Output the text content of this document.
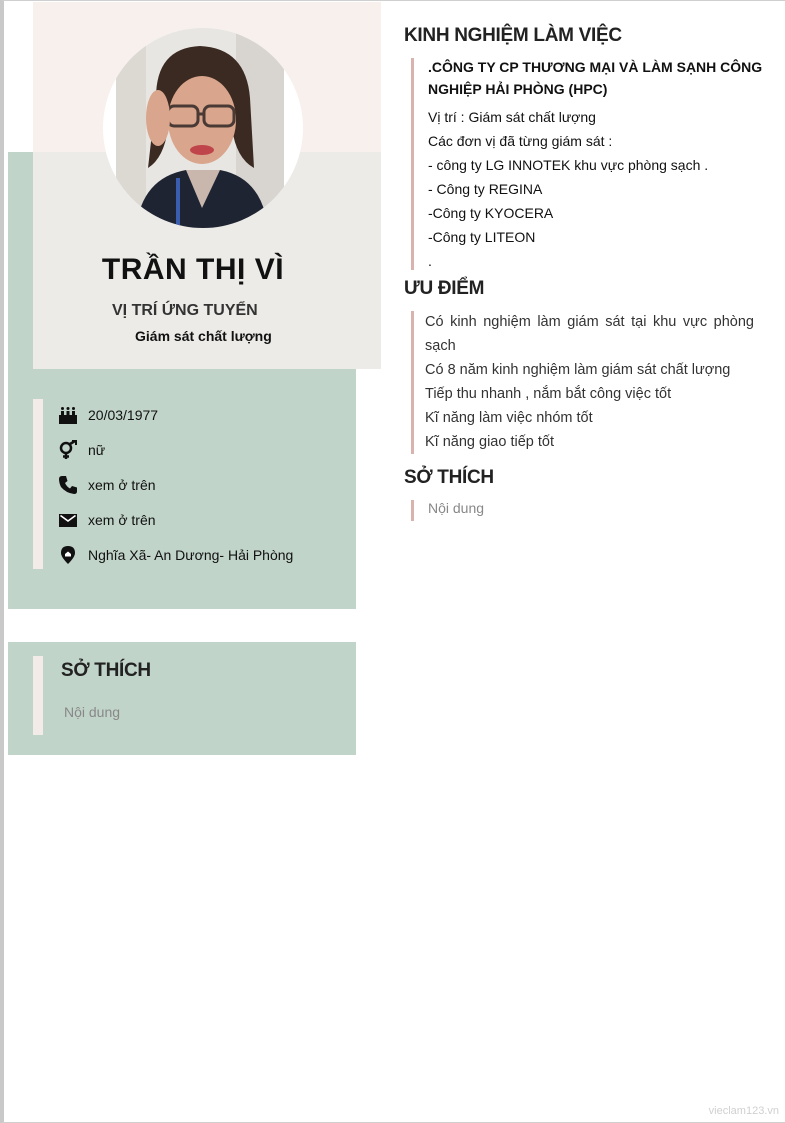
TRẦN THỊ VÌ
VỊ TRÍ ỨNG TUYỂN
Giám sát chất lượng
20/03/1977
nữ
xem ở trên
xem ở trên
Nghĩa Xã- An Dương- Hải Phòng
SỞ THÍCH
Nội dung
KINH NGHIỆM LÀM VIỆC
.CÔNG TY CP THƯƠNG MẠI VÀ LÀM SẠNH CÔNG NGHIỆP HẢI PHÒNG (HPC)
Vị trí : Giám sát chất lượng
Các đơn vị đã từng giám sát :
- công ty LG INNOTEK khu vực phòng sạch .
- Công ty REGINA
-Công ty KYOCERA
-Công ty LITEON
.
ƯU ĐIỂM
Có kinh nghiệm làm giám sát tại khu vực phòng sạch
Có 8 năm kinh nghiệm làm giám sát chất lượng
Tiếp thu nhanh , nắm bắt công việc tốt
Kĩ năng làm việc nhóm tốt
Kĩ năng giao tiếp tốt
SỞ THÍCH
Nội dung
vieclam123.vn
